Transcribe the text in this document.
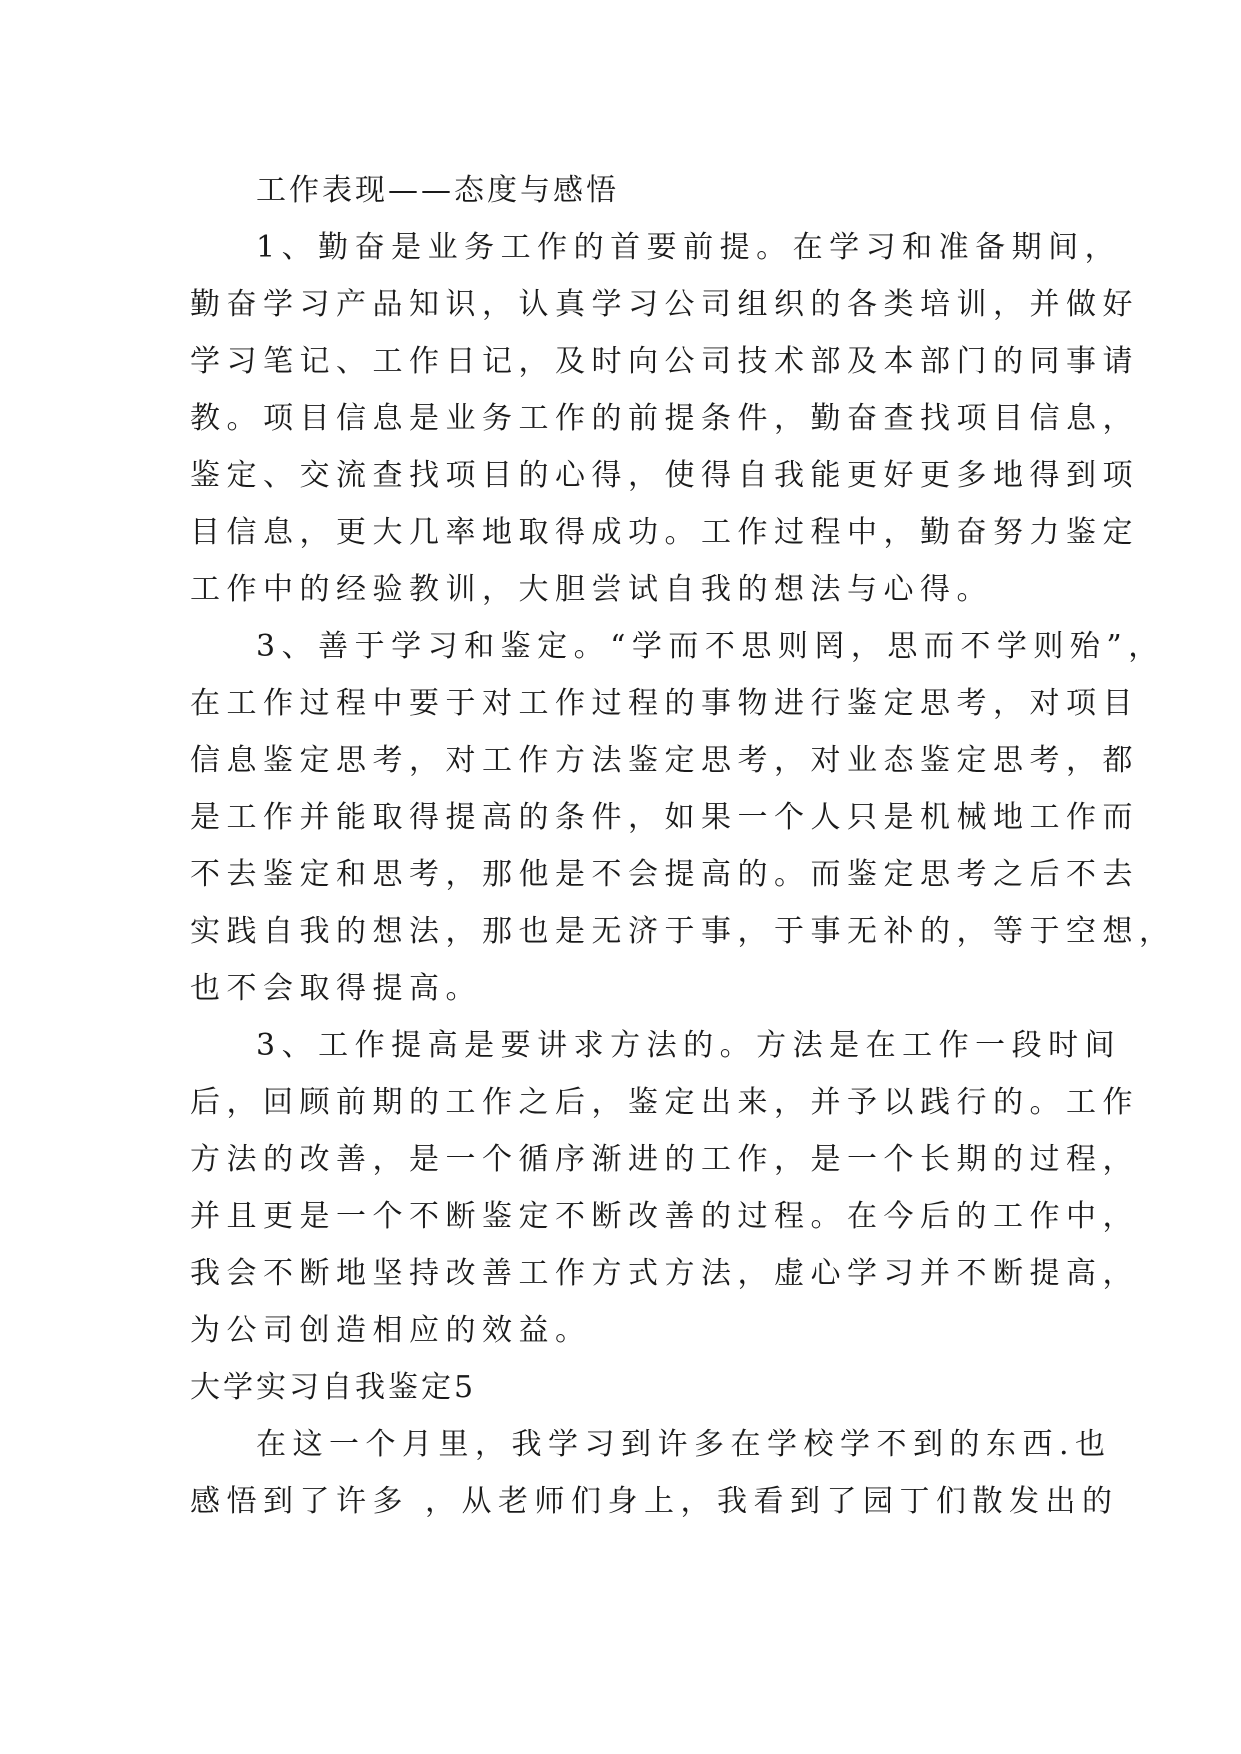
工作表现——态度与感悟
1、勤奋是业务工作的首要前提。在学习和准备期间，
勤奋学习产品知识，认真学习公司组织的各类培训，并做好
学习笔记、工作日记，及时向公司技术部及本部门的同事请
教。项目信息是业务工作的前提条件，勤奋查找项目信息，
鉴定、交流查找项目的心得，使得自我能更好更多地得到项
目信息，更大几率地取得成功。工作过程中，勤奋努力鉴定
工作中的经验教训，大胆尝试自我的想法与心得。
3、善于学习和鉴定。“学而不思则罔，思而不学则殆”，
在工作过程中要于对工作过程的事物进行鉴定思考，对项目
信息鉴定思考，对工作方法鉴定思考，对业态鉴定思考，都
是工作并能取得提高的条件，如果一个人只是机械地工作而
不去鉴定和思考，那他是不会提高的。而鉴定思考之后不去
实践自我的想法，那也是无济于事，于事无补的，等于空想，
也不会取得提高。
3、工作提高是要讲求方法的。方法是在工作一段时间
后，回顾前期的工作之后，鉴定出来，并予以践行的。工作
方法的改善，是一个循序渐进的工作，是一个长期的过程，
并且更是一个不断鉴定不断改善的过程。在今后的工作中，
我会不断地坚持改善工作方式方法，虚心学习并不断提高，
为公司创造相应的效益。
大学实习自我鉴定5
在这一个月里，我学习到许多在学校学不到的东西.也
感悟到了许多 ，从老师们身上，我看到了园丁们散发出的
